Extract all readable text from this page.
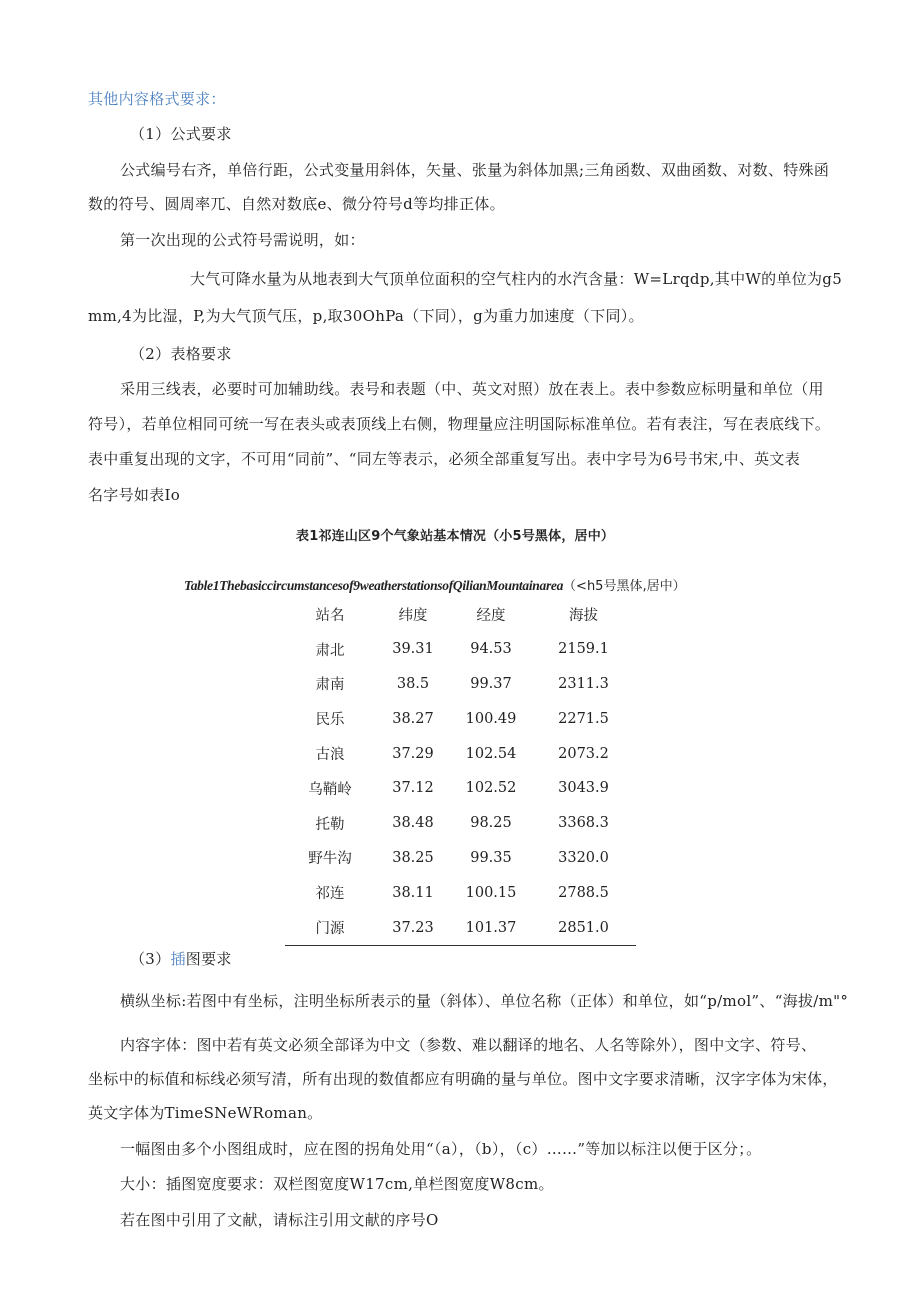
其他内容格式要求：
（1）公式要求
公式编号右齐，单倍行距，公式变量用斜体，矢量、张量为斜体加黑;三角函数、双曲函数、对数、特殊函
数的符号、圆周率兀、自然对数底e、微分符号d等均排正体。
第一次出现的公式符号需说明，如：
大气可降水量为从地表到大气顶单位面积的空气柱内的水汽含量：W=Lrqdp,其中W的单位为g5
mm,4为比湿，P,为大气顶气压，p,取30OhPa（下同），g为重力加速度（下同）。
（2）表格要求
采用三线表，必要时可加辅助线。表号和表题（中、英文对照）放在表上。表中参数应标明量和单位（用
符号），若单位相同可统一写在表头或表顶线上右侧，物理量应注明国际标准单位。若有表注，写在表底线下。
表中重复出现的文字，不可用“同前”、“同左等表示，必须全部重复写出。表中字号为6号书宋,中、英文表
名字号如表Io
表1祁连山区9个气象站基本情况（小5号黑体，居中）
Table1Thebasiccircumstancesof9weatherstationsofQilianMountainarea（<h5号黑体,居中）
站名	纬度	经度	海拔
肃北	39.31	94.53	2159.1
肃南	38.5	99.37	2311.3
民乐	38.27	100.49	2271.5
古浪	37.29	102.54	2073.2
乌鞘岭	37.12	102.52	3043.9
托勒	38.48	98.25	3368.3
野牛沟	38.25	99.35	3320.0
祁连	38.11	100.15	2788.5
门源	37.23	101.37	2851.0
（3）插图要求
横纵坐标:若图中有坐标，注明坐标所表示的量（斜体）、单位名称（正体）和单位，如“p/mol”、“海拔/m"°
内容字体：图中若有英文必须全部译为中文（参数、难以翻译的地名、人名等除外），图中文字、符号、
坐标中的标值和标线必须写清，所有出现的数值都应有明确的量与单位。图中文字要求清晰，汉字字体为宋体，
英文字体为TimeSNeWRoman。
一幅图由多个小图组成时，应在图的拐角处用“（a），（b），（c）……”等加以标注以便于区分；。
大小：插图宽度要求：双栏图宽度W17cm,单栏图宽度W8cm。
若在图中引用了文献，请标注引用文献的序号O
